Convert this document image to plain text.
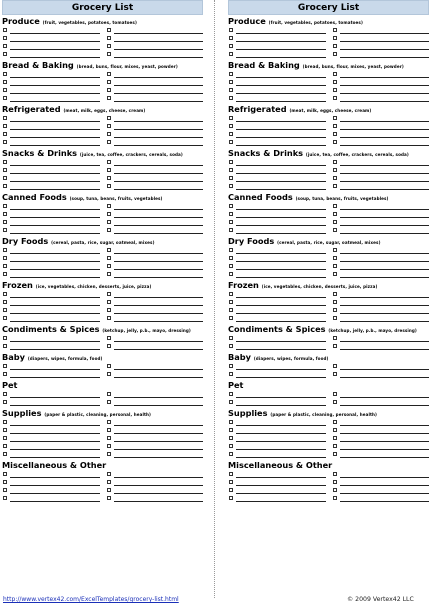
Grocery List
Produce (fruit, vegetables, potatoes, tomatoes)
Bread & Baking (bread, buns, flour, mixes, yeast, powder)
Refrigerated (meat, milk, eggs, cheese, cream)
Snacks & Drinks (juice, tea, coffee, crackers, cereals, soda)
Canned Foods (soup, tuna, beans, fruits, vegetables)
Dry Foods (cereal, pasta, rice, sugar, oatmeal, mixes)
Frozen (ice, vegetables, chicken, desserts, juice, pizza)
Condiments & Spices (ketchup, jelly, p.b., mayo, dressing)
Baby (diapers, wipes, formula, food)
Pet
Supplies (paper & plastic, cleaning, personal, health)
Miscellaneous & Other
Grocery List
Produce (fruit, vegetables, potatoes, tomatoes)
Bread & Baking (bread, buns, flour, mixes, yeast, powder)
Refrigerated (meat, milk, eggs, cheese, cream)
Snacks & Drinks (juice, tea, coffee, crackers, cereals, soda)
Canned Foods (soup, tuna, beans, fruits, vegetables)
Dry Foods (cereal, pasta, rice, sugar, oatmeal, mixes)
Frozen (ice, vegetables, chicken, desserts, juice, pizza)
Condiments & Spices (ketchup, jelly, p.b., mayo, dressing)
Baby (diapers, wipes, formula, food)
Pet
Supplies (paper & plastic, cleaning, personal, health)
Miscellaneous & Other
http://www.vertex42.com/ExcelTemplates/grocery-list.html	© 2009 Vertex42 LLC
